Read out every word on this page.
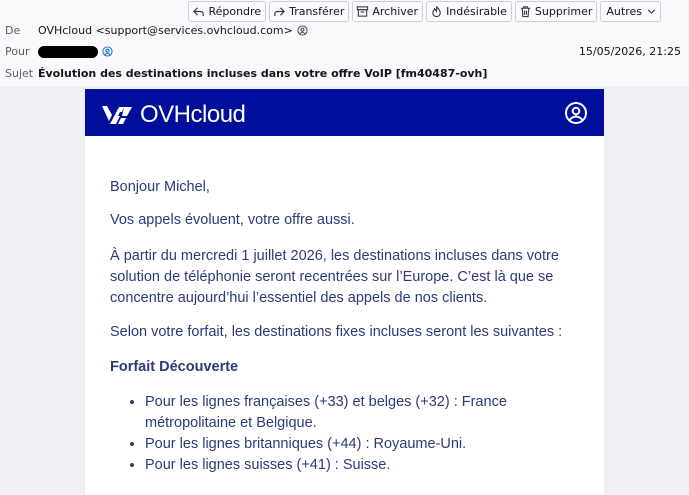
Répondre	Transférer	Archiver	Indésirable	Supprimer Autres
De	OVHcloud <support@services.ovhcloud.com>
Pour	15/05/2026, 21:25
Sujet Évolution des destinations incluses dans votre offre VoIP [fm40487-ovh]
OVHcloud

Bonjour Michel,

Vos appels évoluent, votre offre aussi.

À partir du mercredi 1 juillet 2026, les destinations incluses dans votre solution de téléphonie seront recentrées sur l’Europe. C’est là que se concentre aujourd’hui l’essentiel des appels de nos clients.

Selon votre forfait, les destinations fixes incluses seront les suivantes :

Forfait Découverte

• Pour les lignes françaises (+33) et belges (+32) : France métropolitaine et Belgique.
• Pour les lignes britanniques (+44) : Royaume-Uni.
• Pour les lignes suisses (+41) : Suisse.
